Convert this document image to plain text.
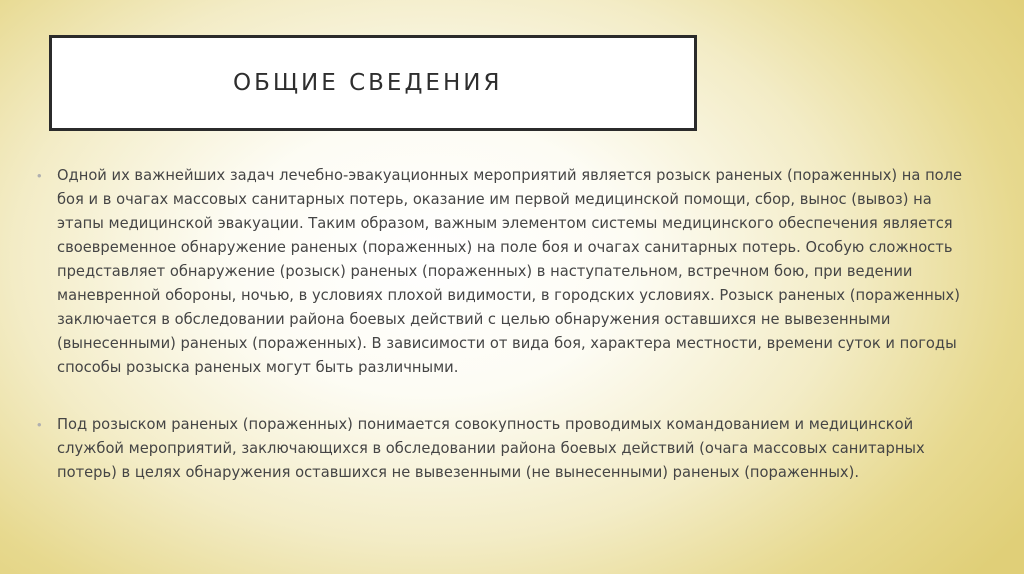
ОБЩИЕ СВЕДЕНИЯ
•	Одной их важнейших задач лечебно-эвакуационных мероприятий является розыск раненых (пораженных) на поле боя и в очагах массовых санитарных потерь, оказание им первой медицинской помощи, сбор, вынос (вывоз) на этапы медицинской эвакуации. Таким образом, важным элементом системы медицинского обеспечения является своевременное обнаружение раненых (пораженных) на поле боя и очагах санитарных потерь. Особую сложность представляет обнаружение (розыск) раненых (пораженных) в наступательном, встречном бою, при ведении маневренной обороны, ночью, в условиях плохой видимости, в городских условиях. Розыск раненых (пораженных) заключается в обследовании района боевых действий с целью обнаружения оставшихся не вывезенными (вынесенными) раненых (пораженных). В зависимости от вида боя, характера местности, времени суток и погоды способы розыска раненых могут быть различными.

•	Под розыском раненых (пораженных) понимается совокупность проводимых командованием и медицинской службой мероприятий, заключающихся в обследовании района боевых действий (очага массовых санитарных потерь) в целях обнаружения оставшихся не вывезенными (не вынесенными) раненых (пораженных).
